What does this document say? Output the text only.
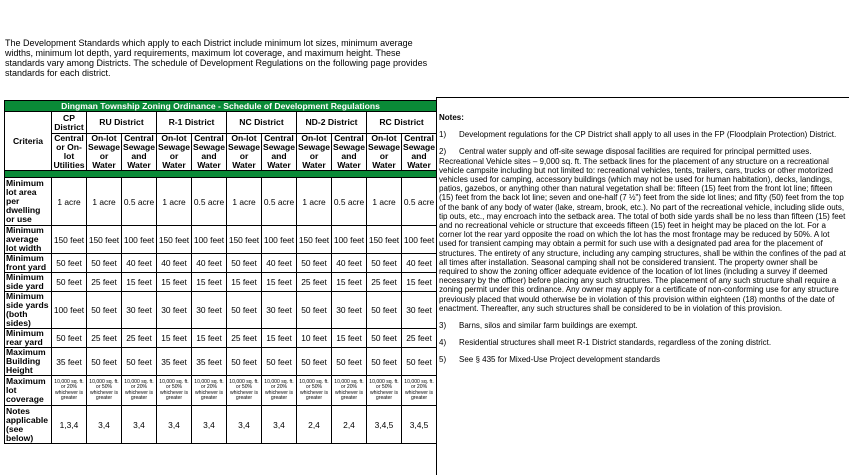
The Development Standards which apply to each District include minimum lot sizes, minimum average widths, minimum lot depth, yard requirements, maximum lot coverage, and maximum height. These standards vary among Districts. The schedule of Development Regulations on the following page provides standards for each district.
Dingman Township Zoning Ordinance - Schedule of Development Regulations											
Criteria	CP District	RU District		R-1 District		NC District		ND-2 District		RC District	
	Central or On-lot Utilities	On-lot Sewage or Water	Central Sewage and Water	On-lot Sewage or Water	Central Sewage and Water	On-lot Sewage or Water	Central Sewage and Water	On-lot Sewage or Water	Central Sewage and Water	On-lot Sewage or Water	Central Sewage and Water

Minimum lot area per dwelling or use	1 acre	1 acre	0.5 acre	1 acre	0.5 acre	1 acre	0.5 acre	1 acre	0.5 acre	1 acre	0.5 acre
Minimum average lot width	150 feet	150 feet	100 feet	150 feet	100 feet	150 feet	100 feet	150 feet	100 feet	150 feet	100 feet
Minimum front yard	50 feet	50 feet	40 feet	40 feet	40 feet	50 feet	40 feet	50 feet	40 feet	50 feet	40 feet
Minimum side yard	50 feet	25 feet	15 feet	15 feet	15 feet	15 feet	15 feet	25 feet	15 feet	25 feet	15 feet
Minimum side yards (both sides)	100 feet	50 feet	30 feet	30 feet	30 feet	50 feet	30 feet	50 feet	30 feet	50 feet	30 feet
Minimum rear yard	50 feet	25 feet	25 feet	15 feet	15 feet	25 feet	15 feet	10 feet	15 feet	50 feet	25 feet
Maximum Building Height	35 feet	50 feet	50 feet	35 feet	35 feet	50 feet	50 feet	50 feet	50 feet	50 feet	50 feet
Maximum lot coverage	10,000 sq. ft. or 20% whichever is greater	10,000 sq. ft. or 50% whichever is greater	10,000 sq. ft. or 20% whichever is greater	10,000 sq. ft. or 50% whichever is greater	10,000 sq. ft. or 20% whichever is greater	10,000 sq. ft. or 50% whichever is greater	10,000 sq. ft. or 20% whichever is greater	10,000 sq. ft. or 50% whichever is greater	10,000 sq. ft. or 20% whichever is greater	10,000 sq. ft. or 50% whichever is greater	10,000 sq. ft. or 20% whichever is greater
Notes applicable (see below)	1,3,4	3,4	3,4	3,4	3,4	3,4	3,4	2,4	2,4	3,4,5	3,4,5
Notes:
1) Development regulations for the CP District shall apply to all uses in the FP (Floodplain Protection) District.
2) Central water supply and off-site sewage disposal facilities are required for principal permitted uses. Recreational Vehicle sites – 9,000 sq. ft. The setback lines for the placement of any structure on a recreational vehicle campsite including but not limited to: recreational vehicles, tents, trailers, cars, trucks or other motorized vehicles used for camping, accessory buildings (which may not be used for human habitation), decks, landings, patios, gazebos, or anything other than natural vegetation shall be: fifteen (15) feet from the front lot line; fifteen (15) feet from the back lot line; seven and one-half (7 ½") feet from the side lot lines; and fifty (50) feet from the top of the bank of any body of water (lake, stream, brook, etc.). No part of the recreational vehicle, including slide outs, tip outs, etc., may encroach into the setback area. The total of both side yards shall be no less than fifteen (15) feet and no recreational vehicle or structure that exceeds fifteen (15) feet in height may be placed on the lot. For a corner lot the rear yard opposite the road on which the lot has the most frontage may be reduced by 50%. A lot used for transient camping may obtain a permit for such use with a designated pad area for the placement of structures. The entirety of any structure, including any camping structures, shall be within the confines of the pad at all times after installation. Seasonal camping shall not be considered transient. The property owner shall be required to show the zoning officer adequate evidence of the location of lot lines (including a survey if deemed necessary by the officer) before placing any such structures. The placement of any such structure shall require a zoning permit under this ordinance. Any owner may apply for a certificate of non-conforming use for any structure previously placed that would otherwise be in violation of this provision within eighteen (18) months of the date of enactment. Thereafter, any such structures shall be considered to be in violation of this provision.
3) Barns, silos and similar farm buildings are exempt.
4) Residential structures shall meet R-1 District standards, regardless of the zoning district.
5) See § 435 for Mixed-Use Project development standards
